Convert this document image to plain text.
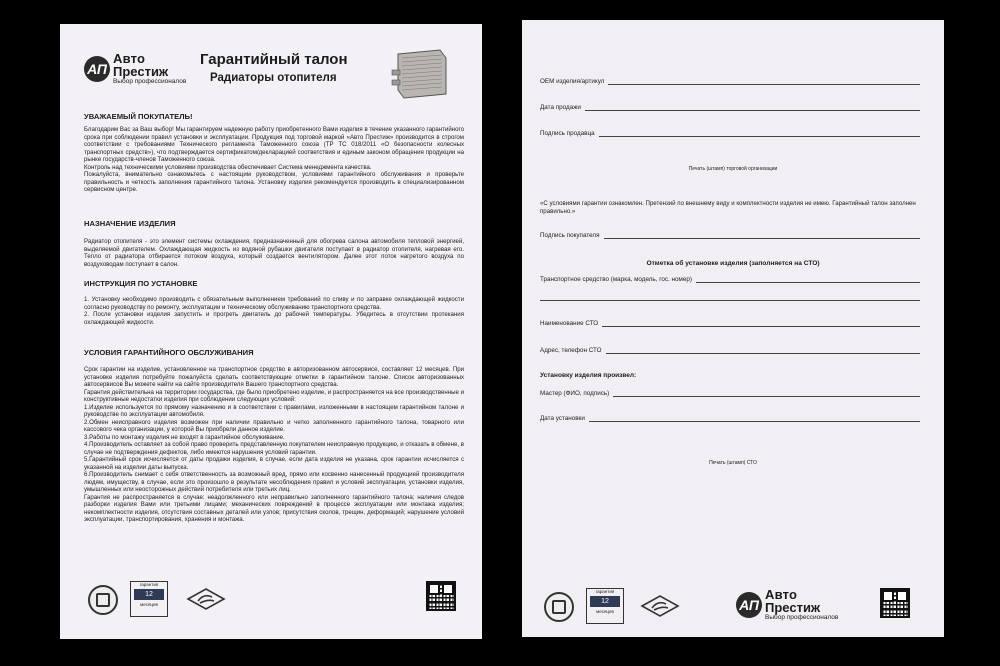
АП
Авто
Престиж
Выбор профессионалов
Гарантийный талон
Радиаторы отопителя
УВАЖАЕМЫЙ ПОКУПАТЕЛЬ!
Благодарим Вас за Ваш выбор! Мы гарантируем надежную работу приобретенного Вами изделия в течение указанного гарантийного срока при соблюдении правил установки и эксплуатации. Продукция под торговой маркой «Авто Престиж» производится в строгом соответствии с требованиями Технического регламента Таможенного союза (ТР ТС 018/2011 «О безопасности колесных транспортных средств»), что подтверждается сертификатом/декларацией соответствия и единым законом обращения продукции на рынке государств-членов Таможенного союза.
Контроль над техническими условиями производства обеспечивает Система менеджмента качества.
Пожалуйста, внимательно ознакомьтесь с настоящим руководством, условиями гарантийного обслуживания и проверьте правильность и четкость заполнения гарантийного талона. Установку изделия рекомендуется производить в специализированном сервисном центре.
НАЗНАЧЕНИЕ ИЗДЕЛИЯ
Радиатор отопителя - это элемент системы охлаждения, предназначенный для обогрева салона автомобиля тепловой энергией, выделяемой двигателем. Охлаждающая жидкость из водяной рубашки двигателя поступает в радиатор отопителя, нагревая его. Тепло от радиатора отбирается потоком воздуха, который создается вентилятором. Далее этот поток нагретого воздуха по воздуховодам поступает в салон.
ИНСТРУКЦИЯ ПО УСТАНОВКЕ
1. Установку необходимо производить с обязательным выполнением требований по сливу и по заправке охлаждающей жидкости согласно руководству по ремонту, эксплуатации и техническому обслуживанию транспортного средства.
2. После установки изделия запустить и прогреть двигатель до рабочей температуры. Убедитесь в отсутствии протекания охлаждающей жидкости.
УСЛОВИЯ ГАРАНТИЙНОГО ОБСЛУЖИВАНИЯ
Срок гарантии на изделие, установленное на транспортное средство в авторизованном автосервисе, составляет 12 месяцев. При установке изделия потребуйте пожалуйста сделать соответствующие отметки в гарантийном талоне. Список авторизованных автосервисов Вы можете найти на сайте производителя Вашего транспортного средства.
Гарантия действительна на территории государства, где было приобретено изделие, и распространяется на все производственные и конструктивные недостатки изделия при соблюдении следующих условий:
1.Изделие используется по прямому назначению и в соответствии с правилами, изложенными в настоящем гарантийном талоне и руководстве по эксплуатации автомобиля.
2.Обмен неисправного изделия возможен при наличии правильно и четко заполненного гарантийного талона, товарного или кассового чека организации, у которой Вы приобрели данное изделие.
3.Работы по монтажу изделия не входят в гарантийное обслуживание.
4.Производитель оставляет за собой право проверить представленную покупателем неисправную продукцию, и отказать в обмене, в случае не подтверждения дефектов, либо имеются нарушения условий гарантии.
5.Гарантийный срок исчисляется от даты продажи изделия, в случае, если дата изделия не указана, срок гарантии исчисляется с указанной на изделии даты выпуска.
6.Производитель снимает с себя ответственность за возможный вред, прямо или косвенно нанесенный продукцией производителя людям, имуществу, в случае, если это произошло в результате несоблюдения правил и условий эксплуатации, установки изделия, умышленных или неосторожных действий потребителя или третьих лиц.
Гарантия не распространяется в случае: неадолжленного или неправильно заполненного гарантийного талона; наличия следов разборки изделия Вами или третьими лицами; механических повреждений в процессе эксплуатации или монтажа изделия; некомплектности изделия, отсутствия составных деталей или узлов; присутствия сколов, трещин, деформаций; нарушение условий эксплуатации, транспортирования, хранения и монтажа.
гарантия
12
месяцев
ОЕМ изделия/артикул
Дата продажи
Подпись продавца
Печать (штамп) торговой организации
«С условиями гарантии ознакомлен. Претензий по внешнему виду и комплектности изделия не имею. Гарантийный талон заполнен правильно.»
Подпись покупателя
Отметка об установке изделия (заполняется на СТО)
Транспортное средство (марка, модель, гос. номер)
Наименование СТО
Адрес, телефон СТО
Установку изделия произвел:
Мастер (ФИО, подпись)
Дата установки
Печать (штамп) СТО
гарантия
12
месяцев	АП
Авто
Престиж
Выбор профессионалов
